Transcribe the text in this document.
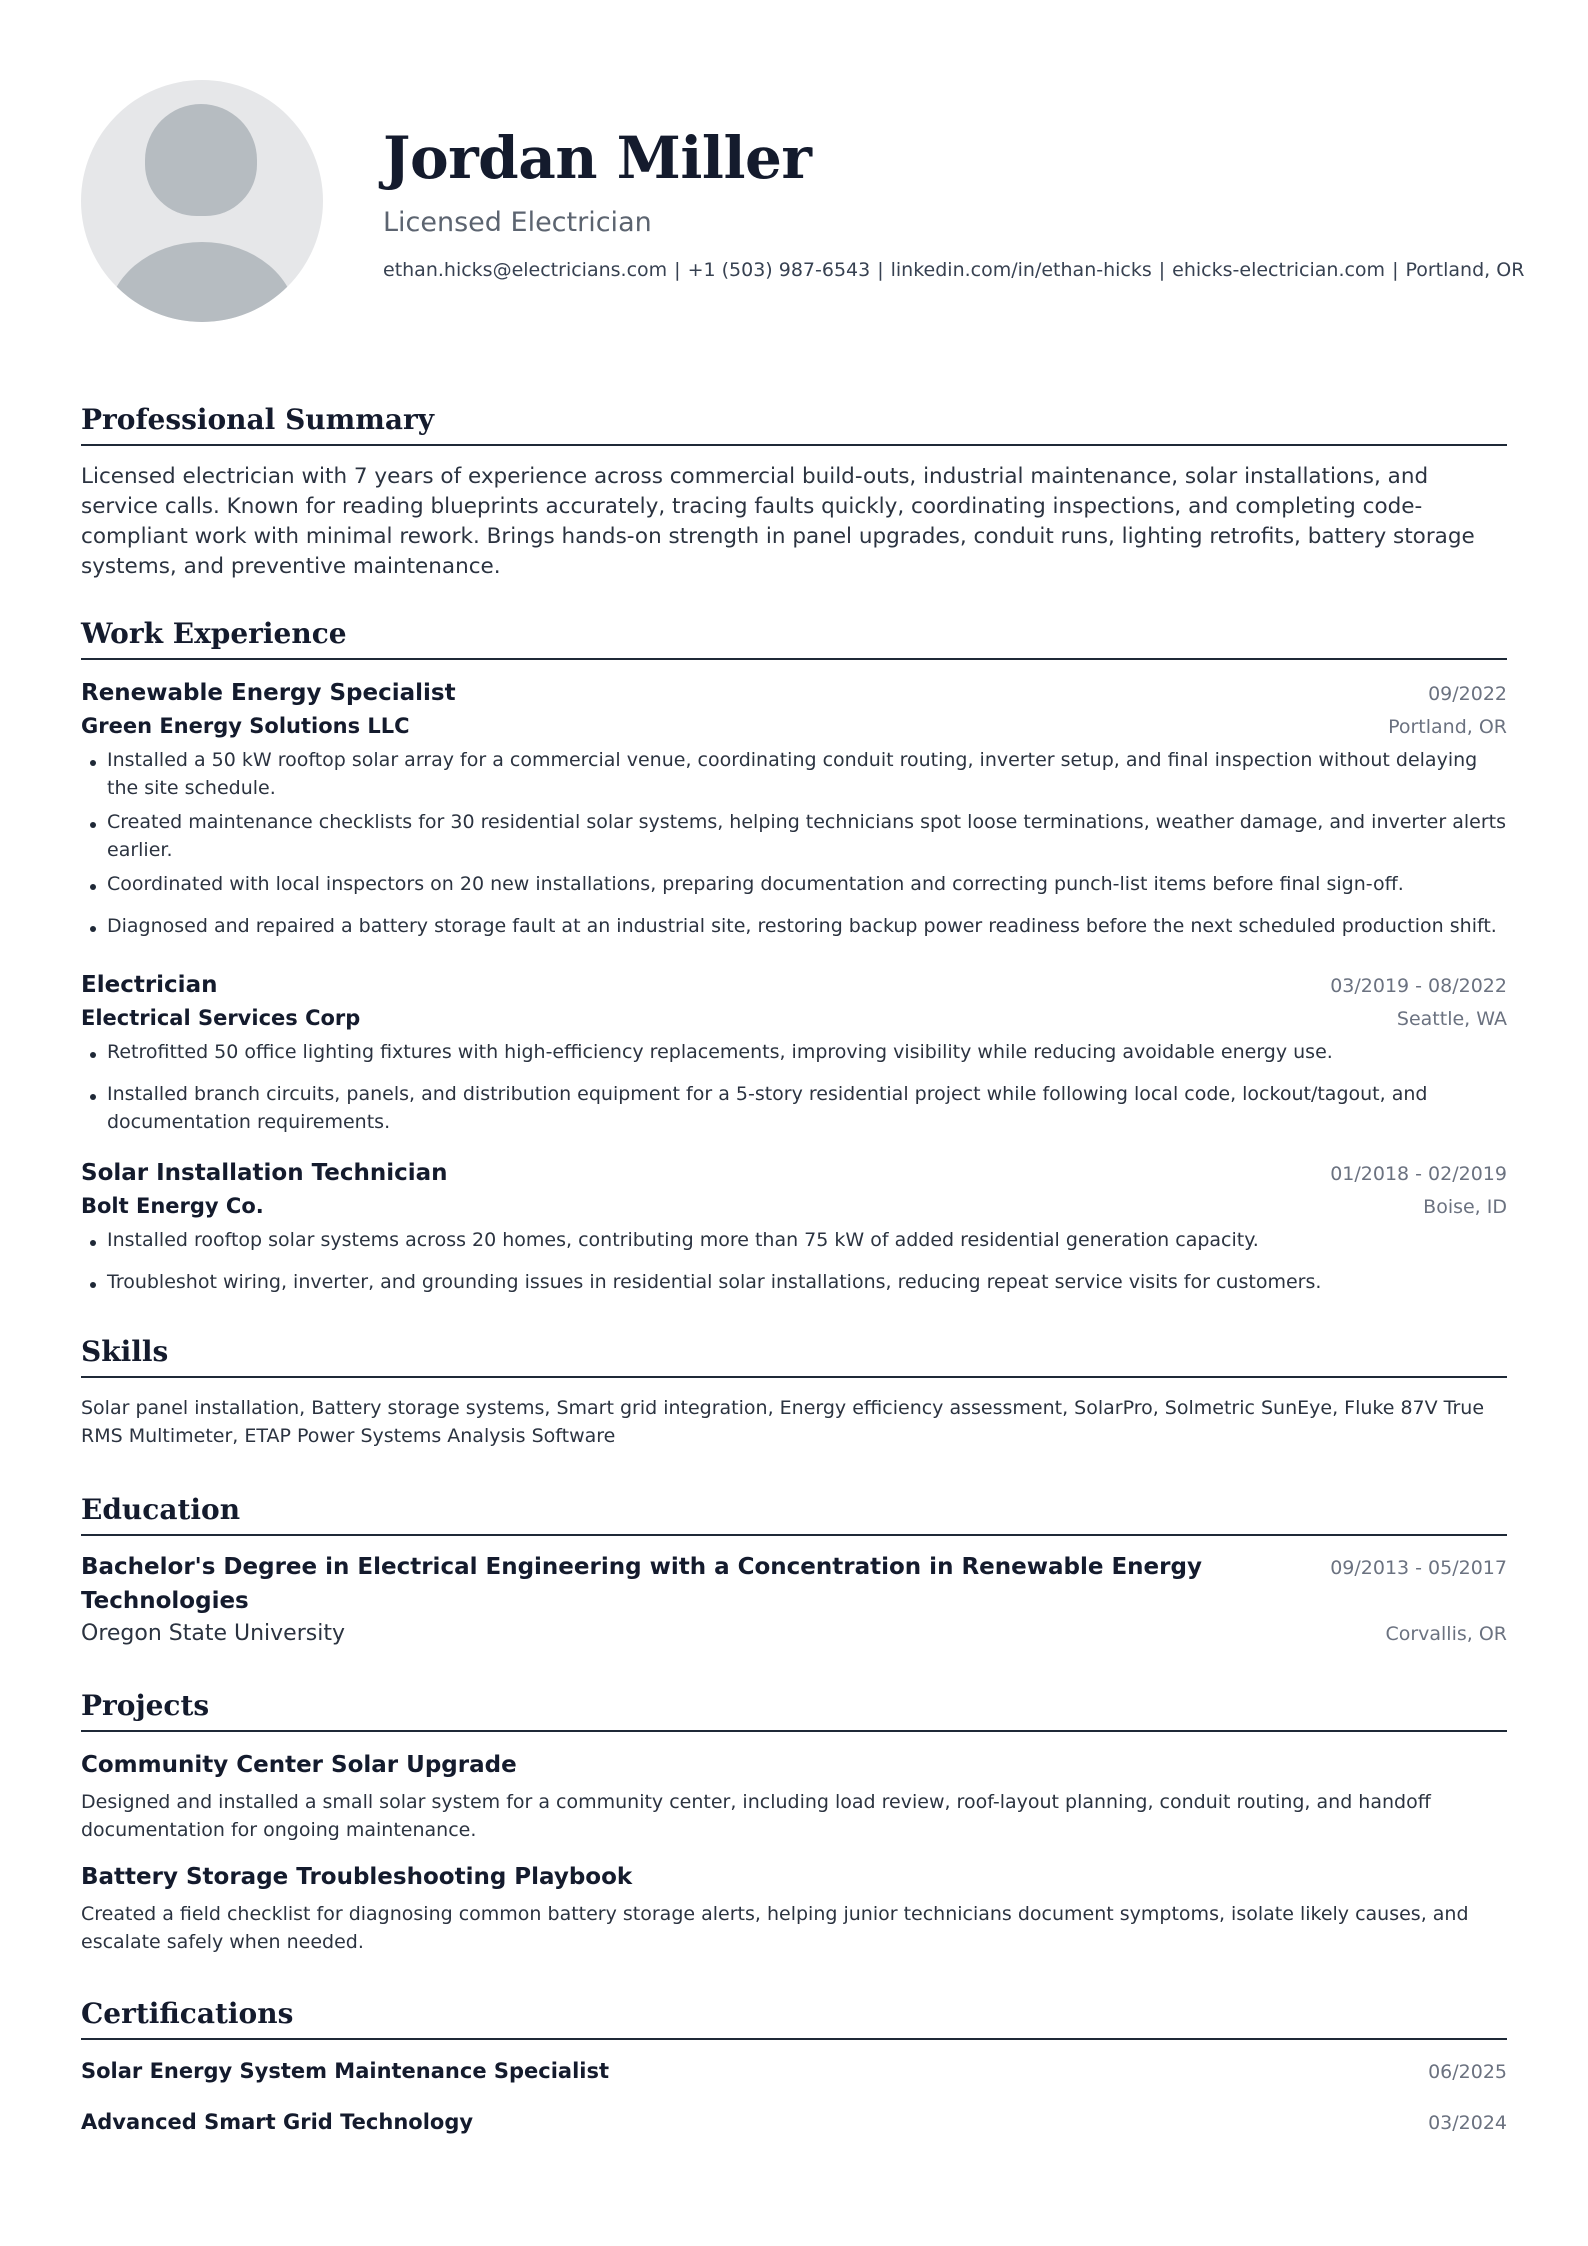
Jordan Miller
Licensed Electrician
ethan.hicks@electricians.com | +1 (503) 987-6543 | linkedin.com/in/ethan-hicks | ehicks-electrician.com | Portland, OR
Professional Summary
Licensed electrician with 7 years of experience across commercial build-outs, industrial maintenance, solar installations, and service calls. Known for reading blueprints accurately, tracing faults quickly, coordinating inspections, and completing code-compliant work with minimal rework. Brings hands-on strength in panel upgrades, conduit runs, lighting retrofits, battery storage systems, and preventive maintenance.
Work Experience
Renewable Energy Specialist	09/2022
Green Energy Solutions LLC	Portland, OR
Installed a 50 kW rooftop solar array for a commercial venue, coordinating conduit routing, inverter setup, and final inspection without delaying the site schedule.
Created maintenance checklists for 30 residential solar systems, helping technicians spot loose terminations, weather damage, and inverter alerts earlier.
Coordinated with local inspectors on 20 new installations, preparing documentation and correcting punch-list items before final sign-off.
Diagnosed and repaired a battery storage fault at an industrial site, restoring backup power readiness before the next scheduled production shift.
Electrician	03/2019 - 08/2022
Electrical Services Corp	Seattle, WA
Retrofitted 50 office lighting fixtures with high-efficiency replacements, improving visibility while reducing avoidable energy use.
Installed branch circuits, panels, and distribution equipment for a 5-story residential project while following local code, lockout/tagout, and documentation requirements.
Solar Installation Technician	01/2018 - 02/2019
Bolt Energy Co.	Boise, ID
Installed rooftop solar systems across 20 homes, contributing more than 75 kW of added residential generation capacity.
Troubleshot wiring, inverter, and grounding issues in residential solar installations, reducing repeat service visits for customers.
Skills
Solar panel installation, Battery storage systems, Smart grid integration, Energy efficiency assessment, SolarPro, Solmetric SunEye, Fluke 87V True RMS Multimeter, ETAP Power Systems Analysis Software
Education
Bachelor's Degree in Electrical Engineering with a Concentration in Renewable Energy Technologies
09/2013 - 05/2017
Oregon State University	Corvallis, OR
Projects
Community Center Solar Upgrade
Designed and installed a small solar system for a community center, including load review, roof-layout planning, conduit routing, and handoff documentation for ongoing maintenance.
Battery Storage Troubleshooting Playbook
Created a field checklist for diagnosing common battery storage alerts, helping junior technicians document symptoms, isolate likely causes, and escalate safely when needed.
Certifications
Solar Energy System Maintenance Specialist	06/2025
Advanced Smart Grid Technology	03/2024
